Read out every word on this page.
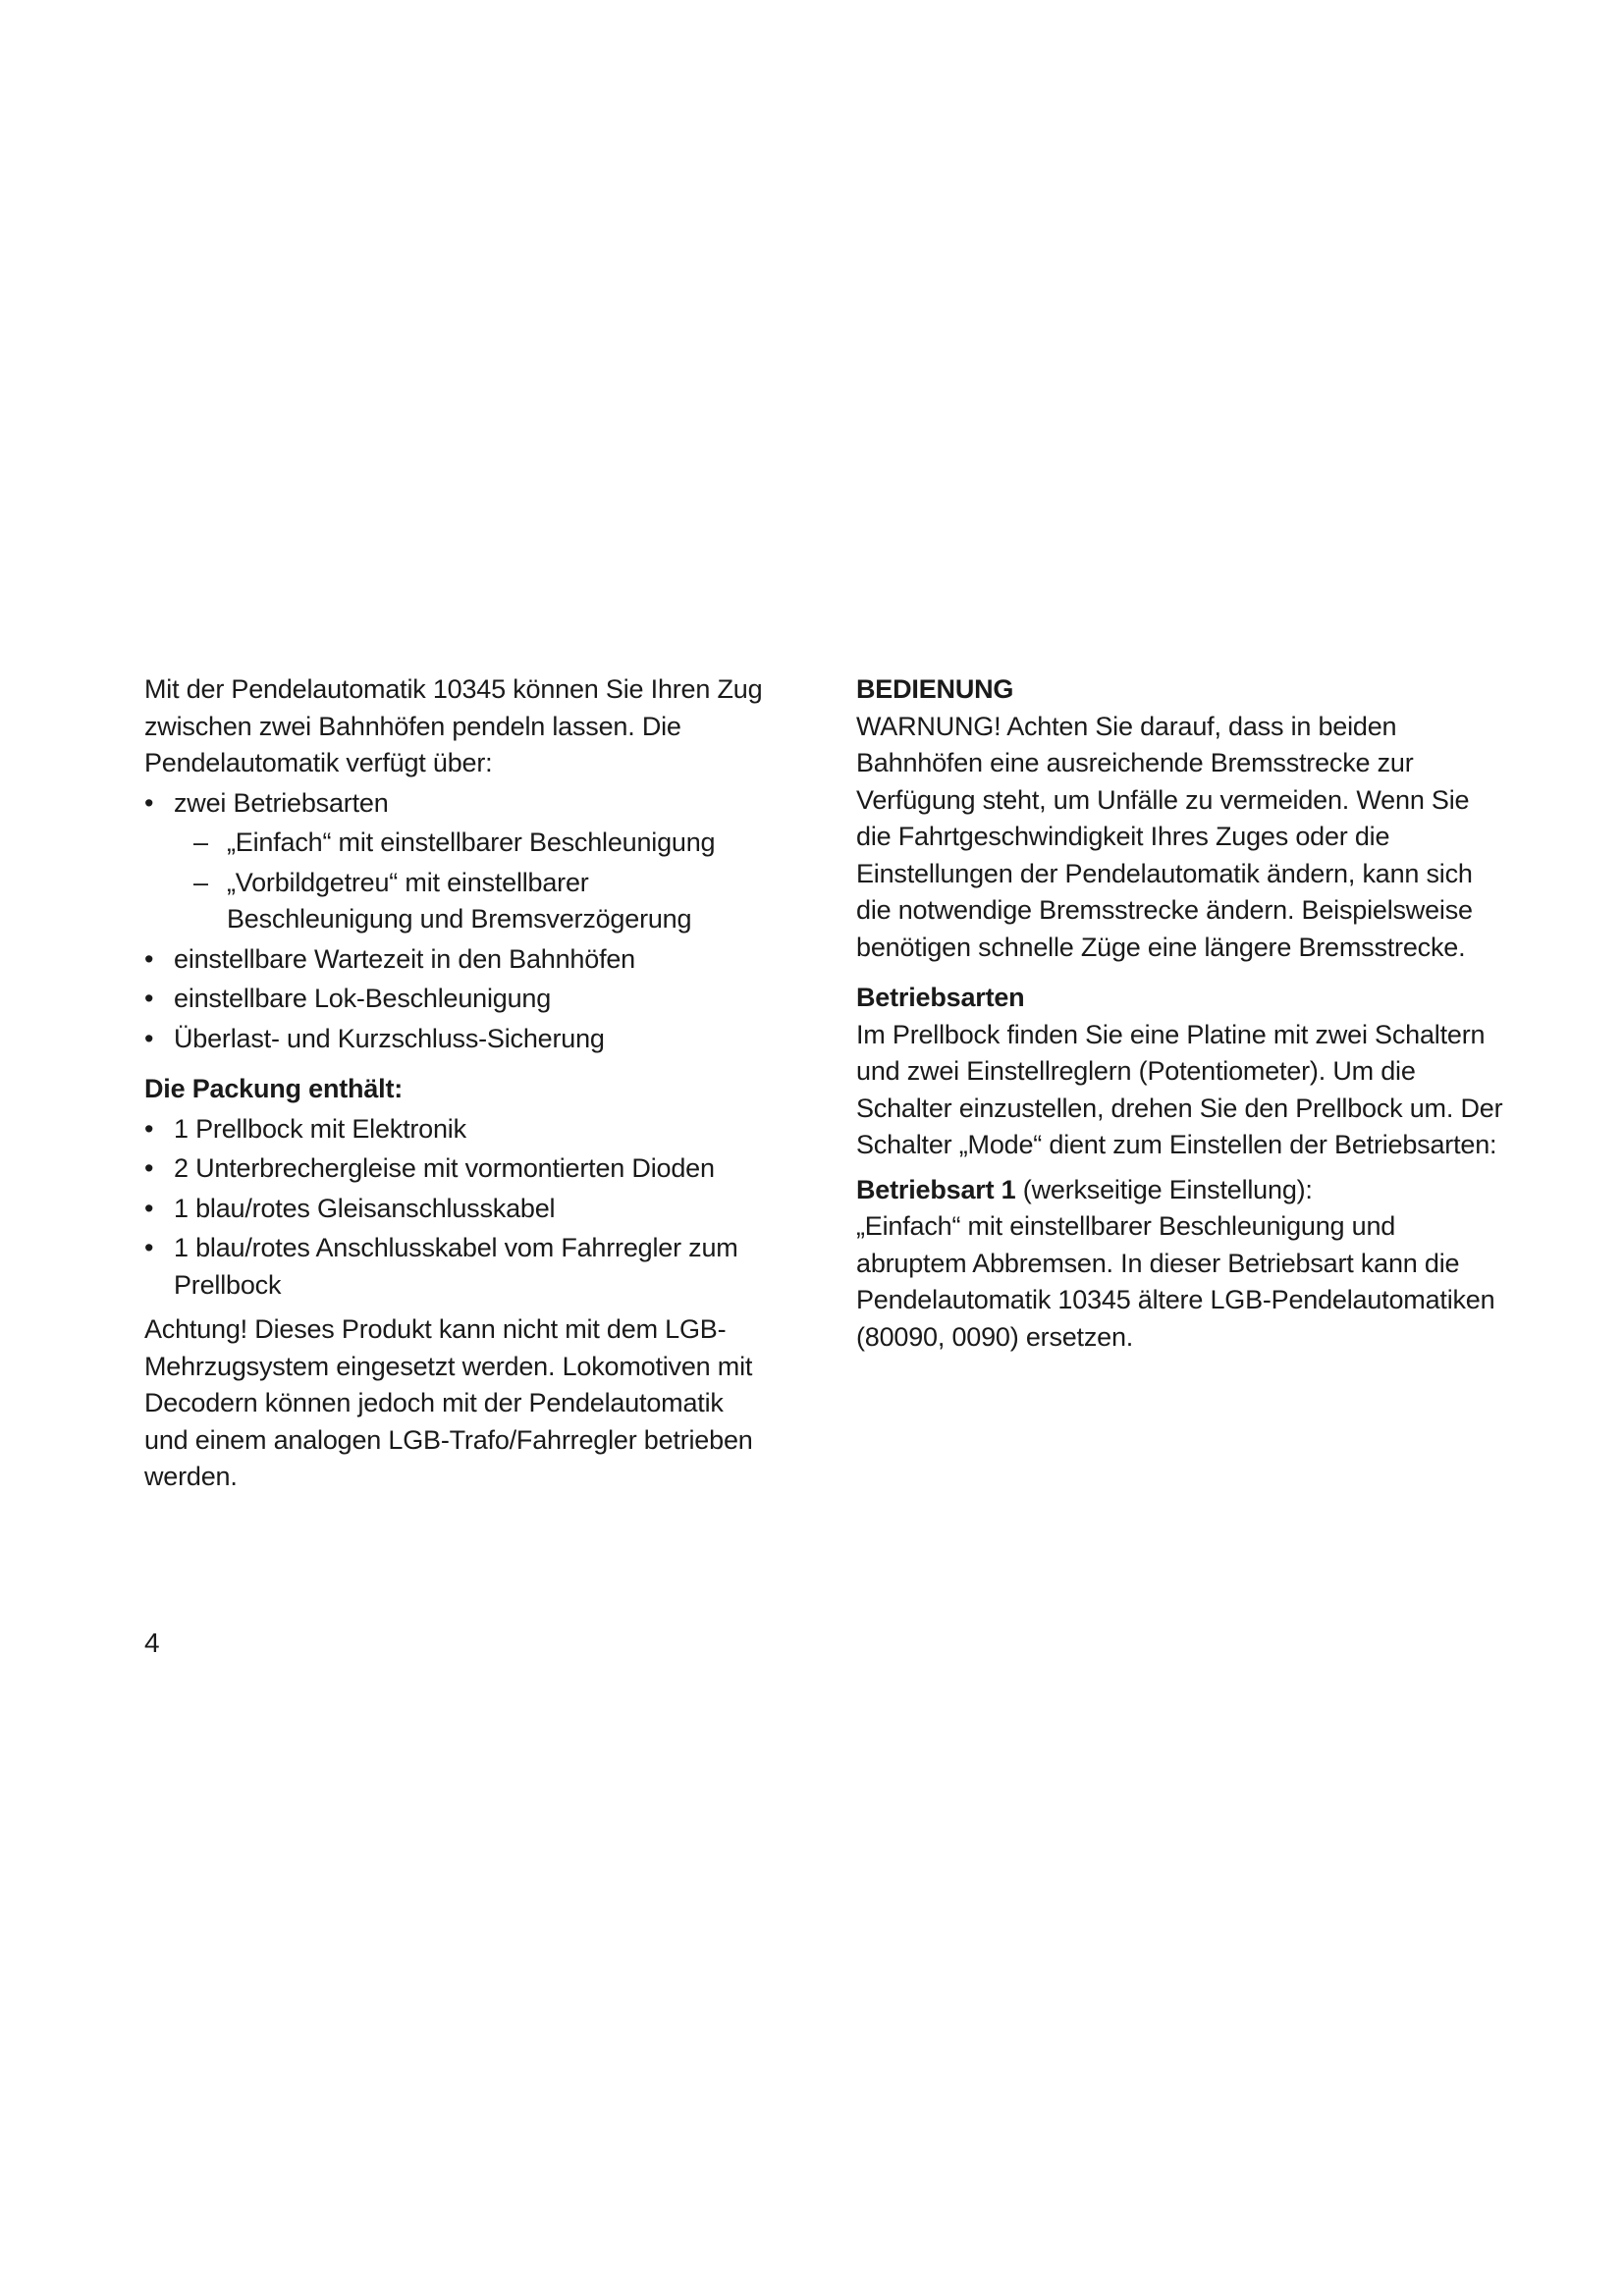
Mit der Pendelautomatik 10345 können Sie Ihren Zug zwischen zwei Bahnhöfen pendeln lassen. Die Pendelautomatik verfügt über:

• zwei Betriebsarten
– „Einfach“ mit einstellbarer Beschleunigung
– „Vorbildgetreu“ mit einstellbarer Beschleunigung und Bremsverzögerung
• einstellbare Wartezeit in den Bahnhöfen
• einstellbare Lok-Beschleunigung
• Überlast- und Kurzschluss-Sicherung

Die Packung enthält:

• 1 Prellbock mit Elektronik
• 2 Unterbrechergleise mit vormontierten Dioden
• 1 blau/rotes Gleisanschlusskabel
• 1 blau/rotes Anschlusskabel vom Fahrregler zum Prellbock

Achtung! Dieses Produkt kann nicht mit dem LGB-Mehrzugsystem eingesetzt werden. Lokomotiven mit Decodern können jedoch mit der Pendelautomatik und einem analogen LGB-Trafo/Fahrregler betrieben werden.

BEDIENUNG

WARNUNG! Achten Sie darauf, dass in beiden Bahnhöfen eine ausreichende Bremsstrecke zur Verfügung steht, um Unfälle zu vermeiden. Wenn Sie die Fahrtgeschwindigkeit Ihres Zuges oder die Einstellungen der Pendelautomatik ändern, kann sich die notwendige Bremsstrecke ändern. Beispielsweise benötigen schnelle Züge eine längere Bremsstrecke.

Betriebsarten

Im Prellbock finden Sie eine Platine mit zwei Schaltern und zwei Einstellreglern (Potentiometer). Um die Schalter einzustellen, drehen Sie den Prellbock um. Der Schalter „Mode“ dient zum Einstellen der Betriebsarten:

Betriebsart 1 (werkseitige Einstellung):

„Einfach“ mit einstellbarer Beschleunigung und abruptem Abbremsen. In dieser Betriebsart kann die Pendelautomatik 10345 ältere LGB-Pendelautomatiken (80090, 0090) ersetzen.

4
